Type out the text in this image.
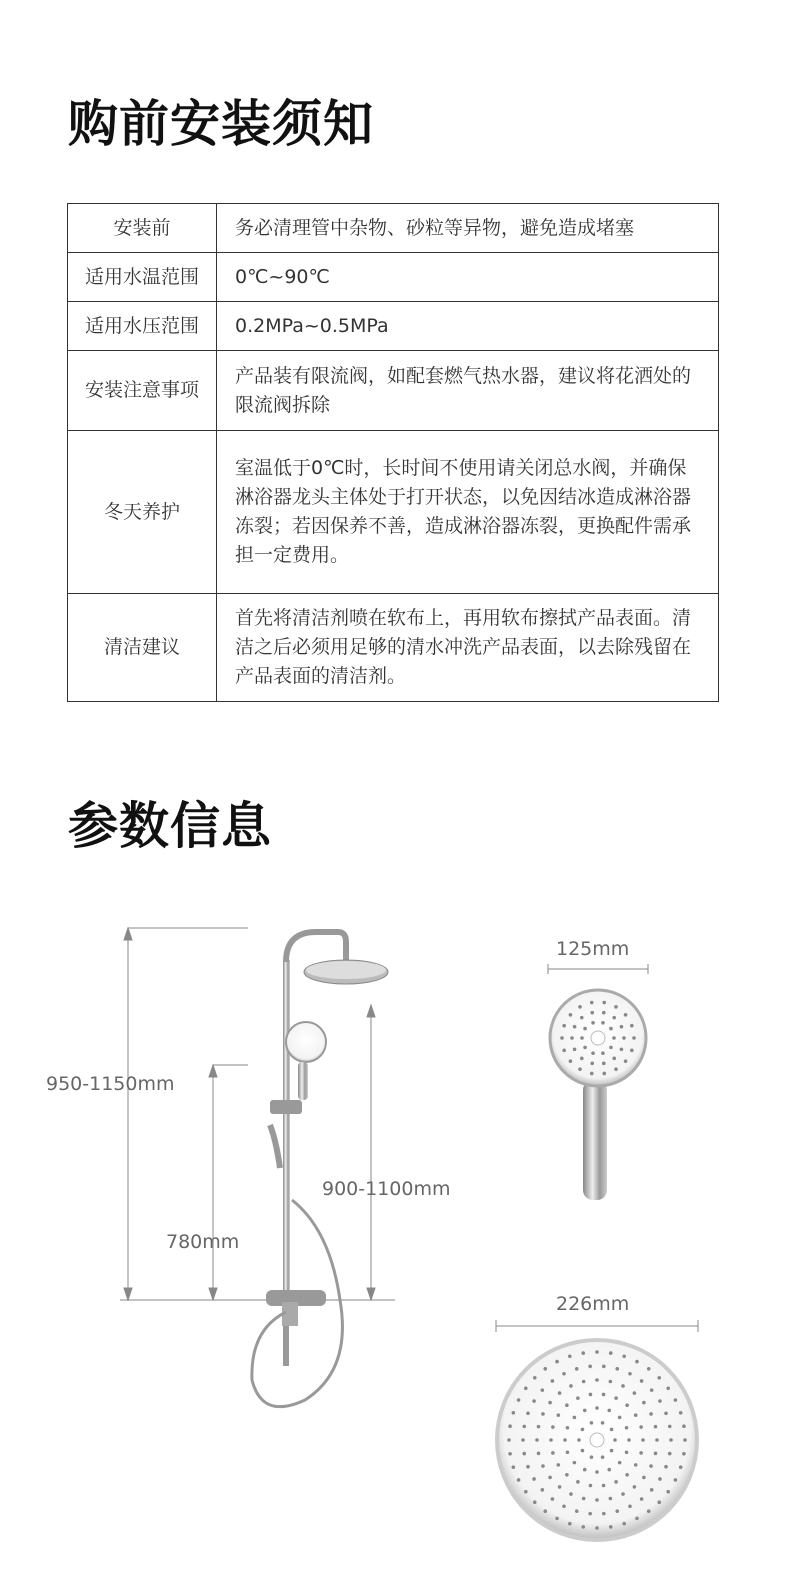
购前安装须知
安装前	务必清理管中杂物、砂粒等异物，避免造成堵塞
适用水温范围	0℃~90℃
适用水压范围	0.2MPa~0.5MPa
安装注意事项	产品装有限流阀，如配套燃气热水器，建议将花洒处的限流阀拆除
冬天养护	室温低于0℃时，长时间不使用请关闭总水阀，并确保淋浴器龙头主体处于打开状态，以免因结冰造成淋浴器冻裂；若因保养不善，造成淋浴器冻裂，更换配件需承担一定费用。
清洁建议	首先将清洁剂喷在软布上，再用软布擦拭产品表面。清洁之后必须用足够的清水冲洗产品表面，以去除残留在产品表面的清洁剂。
参数信息
950-1150mm
780mm
900-1100mm
125mm
226mm
